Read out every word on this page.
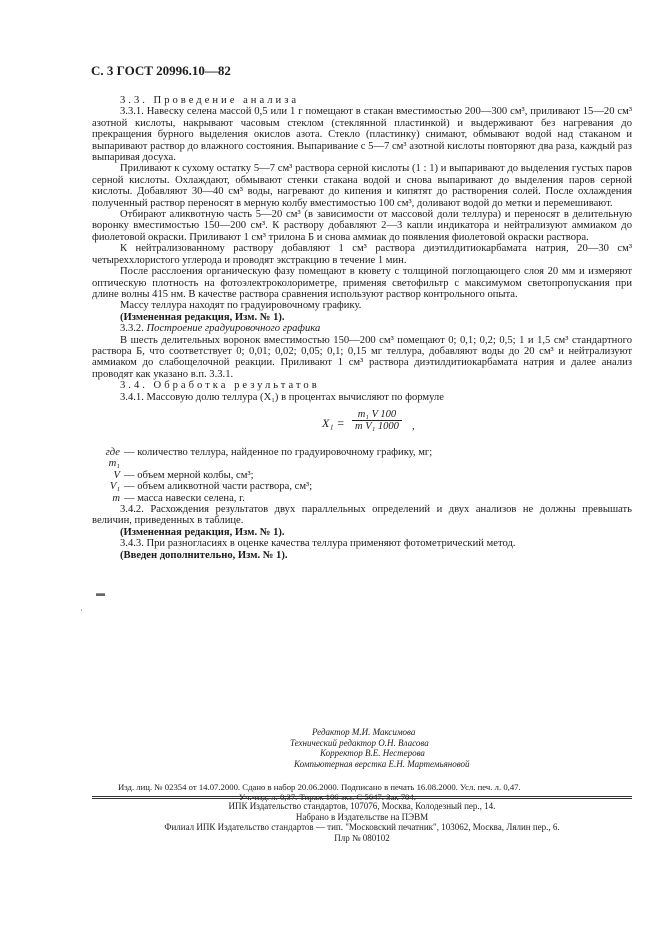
С. 3 ГОСТ 20996.10—82

3.3. Проведение анализа

3.3.1. Навеску селена массой 0,5 или 1 г помещают в стакан вместимостью 200—300 см³, приливают 15—20 см³ азотной кислоты, накрывают часовым стеклом (стеклянной пластинкой) и выдерживают без нагревания до прекращения бурного выделения окислов азота. Стекло (пластинку) снимают, обмывают водой над стаканом и выпаривают раствор до влажного состояния. Выпаривание с 5—7 см³ азотной кислоты повторяют два раза, каждый раз выпаривая досуха.

Приливают к сухому остатку 5—7 см³ раствора серной кислоты (1 : 1) и выпаривают до выделения густых паров серной кислоты. Охлаждают, обмывают стенки стакана водой и снова выпаривают до выделения паров серной кислоты. Добавляют 30—40 см³ воды, нагревают до кипения и кипятят до растворения солей. После охлаждения полученный раствор переносят в мерную колбу вместимостью 100 см³, доливают водой до метки и перемешивают.

Отбирают аликвотную часть 5—20 см³ (в зависимости от массовой доли теллура) и переносят в делительную воронку вместимостью 150—200 см³. К раствору добавляют 2—3 капли индикатора и нейтрализуют аммиаком до фиолетовой окраски. Приливают 1 см³ трилона Б и снова аммиак до появления фиолетовой окраски раствора.

К нейтрализованному раствору добавляют 1 см³ раствора диэтилдитиокарбамата натрия, 20—30 см³ четыреххлористого углерода и проводят экстракцию в течение 1 мин.

После расслоения органическую фазу помещают в кювету с толщиной поглощающего слоя 20 мм и измеряют оптическую плотность на фотоэлектроколориметре, применяя светофильтр с максимумом светопропускания при длине волны 415 нм. В качестве раствора сравнения используют раствор контрольного опыта.

Массу теллура находят по градуировочному графику.

(Измененная редакция, Изм. № 1).

3.3.2. Построение градуировочного графика

В шесть делительных воронок вместимостью 150—200 см³ помещают 0; 0,1; 0,2; 0,5; 1 и 1,5 см³ стандартного раствора Б, что соответствует 0; 0,01; 0,02; 0,05; 0,1; 0,15 мг теллура, добавляют воды до 20 см³ и нейтрализуют аммиаком до слабощелочной реакции. Приливают 1 см³ раствора диэтилдитиокарбамата натрия и далее анализ проводят как указано в.п. 3.3.1.

3.4. Обработка результатов

3.4.1. Массовую долю теллура (X₁) в процентах вычисляют по формуле

$X_1 = \frac{\text{m₁ V 100}}{\text{m V₁ 1000}}$ ,
где m₁
— количество теллура, найденное по градуировочному графику, мг;
V — объем мерной колбы, см³;
V₁ — объем аликвотной части раствора, см³;
m — масса навески селена, г.

3.4.2. Расхождения результатов двух параллельных определений и двух анализов не должны превышать величин, приведенных в таблице.

(Измененная редакция, Изм. № 1).

3.4.3. При разногласиях в оценке качества теллура применяют фотометрический метод.

(Введен дополнительно, Изм. № 1).

▬
·
Редактор М.И. Максимова
Технический редактор О.Н. Власова
Корректор В.Е. Нестерова
Компьютерная верстка Е.Н. Мартемьяновой
Изд. лиц. № 02354 от 14.07.2000. Сдано в набор 20.06.2000. Подписано в печать 16.08.2000. Усл. печ. л. 0,47.
Уч.-изд. л. 0,37. Тираж 106 экз. С 5647. Зак 704.
ИПК Издательство стандартов, 107076, Москва, Колодезный пер., 14.
Набрано в Издательстве на ПЭВМ
Филиал ИПК Издательство стандартов — тип. "Московский печатник", 103062, Москва, Лялин пер., 6.
Плр № 080102
